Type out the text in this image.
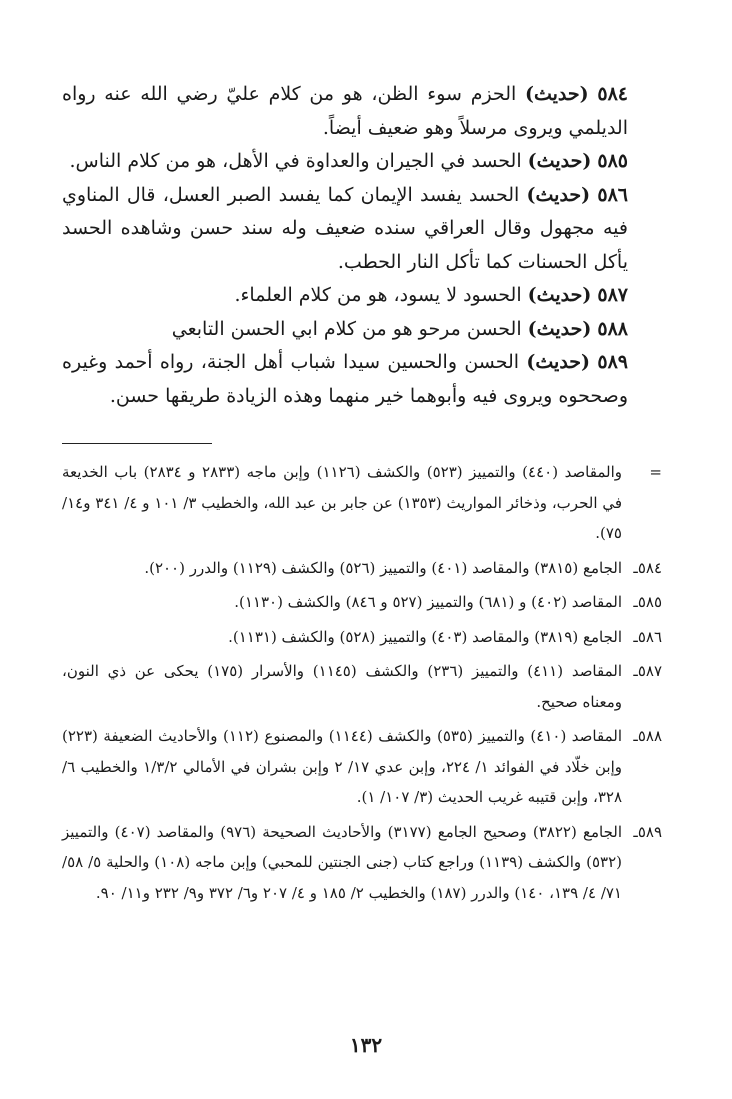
٥٨٤ (حديث) الحزم سوء الظن، هو من كلام عليّ رضي الله عنه رواه الديلمي ويروى مرسلاً وهو ضعيف أيضاً.

٥٨٥ (حديث) الحسد في الجيران والعداوة في الأهل، هو من كلام الناس.

٥٨٦ (حديث) الحسد يفسد الإيمان كما يفسد الصبر العسل، قال المناوي فيه مجهول وقال العراقي سنده ضعيف وله سند حسن وشاهده الحسد يأكل الحسنات كما تأكل النار الحطب.

٥٨٧ (حديث) الحسود لا يسود، هو من كلام العلماء.

٥٨٨ (حديث) الحسن مرحو هو من كلام ابي الحسن التابعي

٥٨٩ (حديث) الحسن والحسين سيدا شباب أهل الجنة، رواه أحمد وغيره وصححوه ويروى فيه وأبوهما خير منهما وهذه الزيادة طريقها حسن.

=
والمقاصد (٤٤٠) والتمييز (٥٢٣) والكشف (١١٢٦) وإبن ماجه (٢٨٣٣ و ٢٨٣٤) باب الخديعة في الحرب، وذخائر المواريث (١٣٥٣) عن جابر بن عبد الله، والخطيب ٣/ ١٠١ و ٤/ ٣٤١ و١٤/ ٧٥).

٥٨٤ـ
الجامع (٣٨١٥) والمقاصد (٤٠١) والتمييز (٥٢٦) والكشف (١١٢٩) والدرر (٢٠٠).

٥٨٥ـ
المقاصد (٤٠٢) و (٦٨١) والتمييز (٥٢٧ و ٨٤٦) والكشف (١١٣٠).

٥٨٦ـ
الجامع (٣٨١٩) والمقاصد (٤٠٣) والتمييز (٥٢٨) والكشف (١١٣١).

٥٨٧ـ
المقاصد (٤١١) والتمييز (٢٣٦) والكشف (١١٤٥) والأسرار (١٧٥) يحكى عن ذي النون، ومعناه صحيح.

٥٨٨ـ
المقاصد (٤١٠) والتمييز (٥٣٥) والكشف (١١٤٤) والمصنوع (١١٢) والأحاديث الضعيفة (٢٢٣) وإبن خلّاد في الفوائد ١/ ٢٢٤، وإبن عدي ١٧/ ٢ وإبن بشران في الأمالي ١/٣/٢ والخطيب ٦/ ٣٢٨، وإبن قتيبه غريب الحديث (٣/ ١٠٧/ ١).

٥٨٩ـ
الجامع (٣٨٢٢) وصحيح الجامع (٣١٧٧) والأحاديث الصحيحة (٩٧٦) والمقاصد (٤٠٧) والتمييز (٥٣٢) والكشف (١١٣٩) وراجع كتاب (جنى الجنتين للمحبي) وإبن ماجه (١٠٨) والحلية ٥/ ٥٨/ ٧١/ ٤/ ١٣٩، ١٤٠) والدرر (١٨٧) والخطيب ٢/ ١٨٥ و ٤/ ٢٠٧ و٦/ ٣٧٢ و٩/ ٢٣٢ و١١/ ٩٠.

١٣٢
